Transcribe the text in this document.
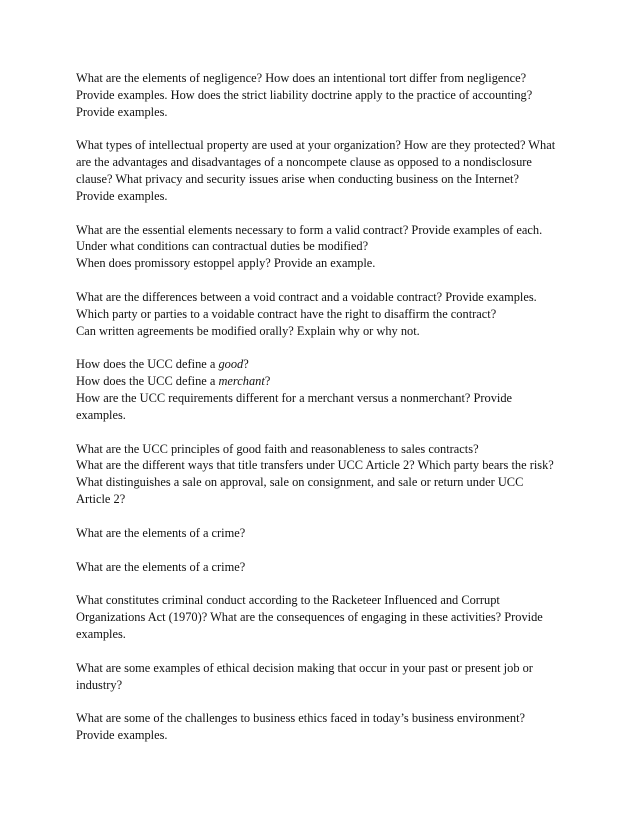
What are the elements of negligence? How does an intentional tort differ from negligence?
Provide examples. How does the strict liability doctrine apply to the practice of accounting?
Provide examples.

What types of intellectual property are used at your organization? How are they protected? What
are the advantages and disadvantages of a noncompete clause as opposed to a nondisclosure
clause? What privacy and security issues arise when conducting business on the Internet?
Provide examples.

What are the essential elements necessary to form a valid contract? Provide examples of each.
Under what conditions can contractual duties be modified?
When does promissory estoppel apply? Provide an example.

What are the differences between a void contract and a voidable contract? Provide examples.
Which party or parties to a voidable contract have the right to disaffirm the contract?
Can written agreements be modified orally? Explain why or why not.

How does the UCC define a good?
How does the UCC define a merchant?
How are the UCC requirements different for a merchant versus a nonmerchant? Provide
examples.

What are the UCC principles of good faith and reasonableness to sales contracts?
What are the different ways that title transfers under UCC Article 2? Which party bears the risk?
What distinguishes a sale on approval, sale on consignment, and sale or return under UCC
Article 2?

What are the elements of a crime?

What are the elements of a crime?

What constitutes criminal conduct according to the Racketeer Influenced and Corrupt
Organizations Act (1970)? What are the consequences of engaging in these activities? Provide
examples.

What are some examples of ethical decision making that occur in your past or present job or
industry?

What are some of the challenges to business ethics faced in today’s business environment?
Provide examples.
